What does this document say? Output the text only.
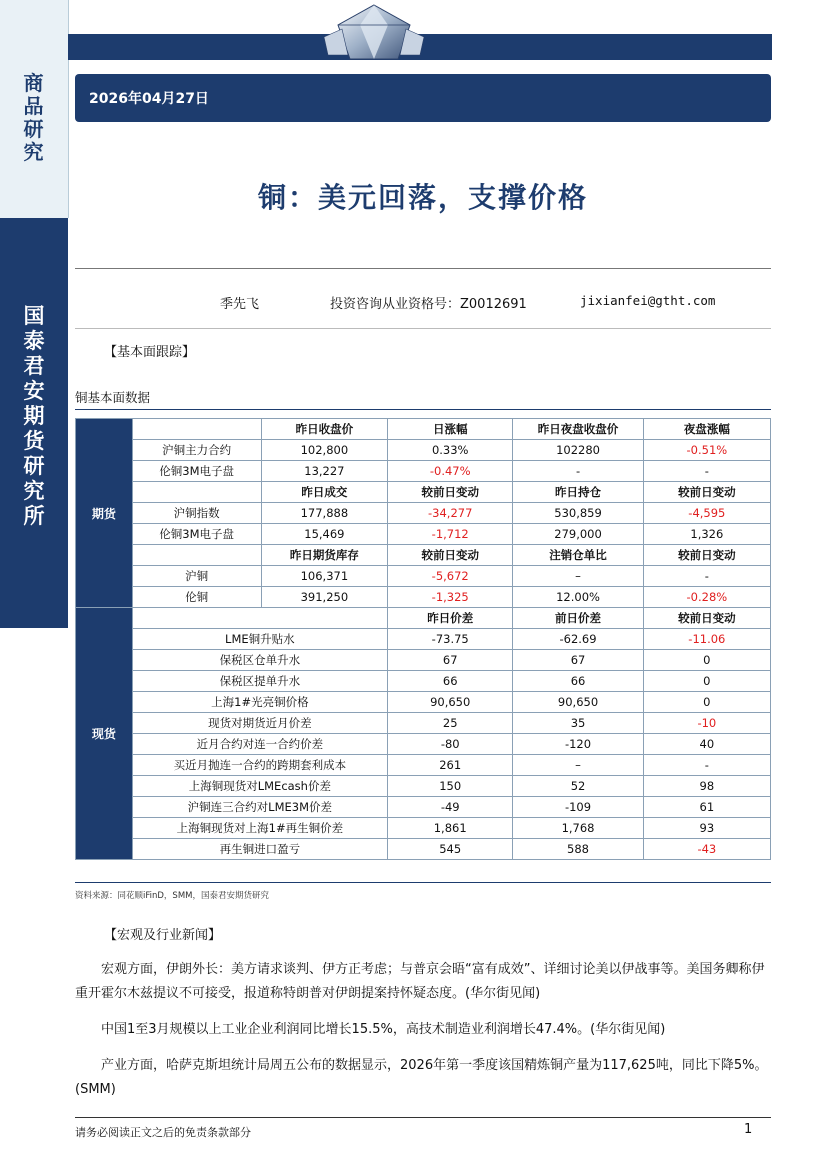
商品研究
国泰君安期货研究所
2026年04月27日
铜：美元回落，支撑价格
季先飞	投资咨询从业资格号：Z0012691	jixianfei@gtht.com
【基本面跟踪】
铜基本面数据
期货		昨日收盘价	日涨幅	昨日夜盘收盘价	夜盘涨幅
	沪铜主力合约	102,800	0.33%	102280	-0.51%
	伦铜3M电子盘	13,227	-0.47%	-	-
		昨日成交	较前日变动	昨日持仓	较前日变动
	沪铜指数	177,888	-34,277	530,859	-4,595
	伦铜3M电子盘	15,469	-1,712	279,000	1,326
		昨日期货库存	较前日变动	注销仓单比	较前日变动
	沪铜	106,371	-5,672	–	-
	伦铜	391,250	-1,325	12.00%	-0.28%
现货			昨日价差	前日价差	较前日变动
	LME铜升贴水		-73.75	-62.69	-11.06
	保税区仓单升水		67	67	0
	保税区提单升水		66	66	0
	上海1#光亮铜价格		90,650	90,650	0
	现货对期货近月价差		25	35	-10
	近月合约对连一合约价差		-80	-120	40
	买近月抛连一合约的跨期套利成本		261	–	-
	上海铜现货对LMEcash价差		150	52	98
	沪铜连三合约对LME3M价差		-49	-109	61
	上海铜现货对上海1#再生铜价差		1,861	1,768	93
	再生铜进口盈亏		545	588	-43
资料来源：同花顺iFinD，SMM，国泰君安期货研究
【宏观及行业新闻】
宏观方面，伊朗外长：美方请求谈判、伊方正考虑；与普京会晤“富有成效”、详细讨论美以伊战事等。美国务卿称伊重开霍尔木兹提议不可接受，报道称特朗普对伊朗提案持怀疑态度。(华尔街见闻)
中国1至3月规模以上工业企业利润同比增长15.5%，高技术制造业利润增长47.4%。(华尔街见闻)
产业方面，哈萨克斯坦统计局周五公布的数据显示，2026年第一季度该国精炼铜产量为117,625吨，同比下降5%。(SMM)
请务必阅读正文之后的免责条款部分	1
